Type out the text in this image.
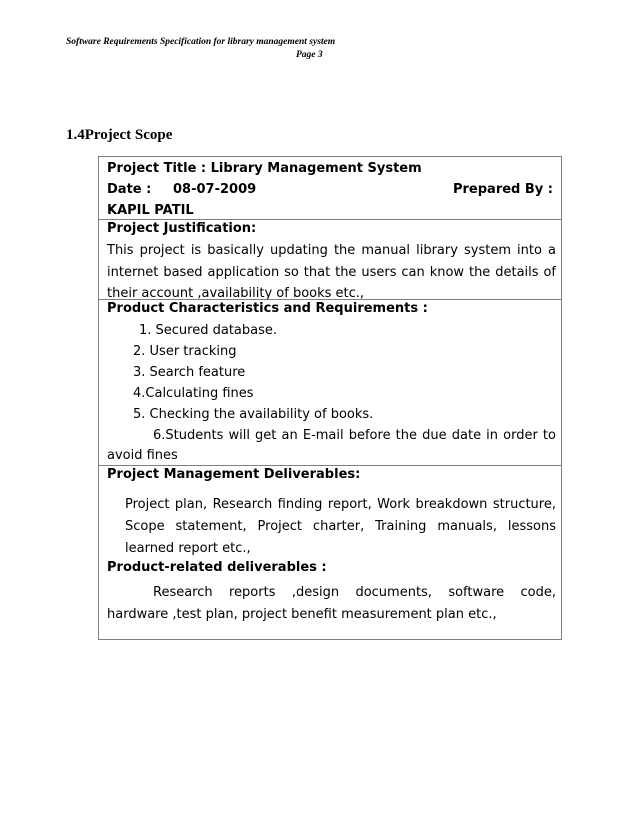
Software Requirements Specification for library management system
Page 3
1.4Project Scope
Project Title : Library Management System
Date : 08-07-2009	Prepared By :
KAPIL PATIL
Project Justification:
This project is basically updating the manual library system into a internet based application so that the users can know the details of their account ,availability of books etc.,
Product Characteristics and Requirements :
1. Secured database.
2. User tracking
3. Search feature
4.Calculating fines
5. Checking the availability of books.
6.Students will get an E-mail before the due date in order to avoid fines
Project Management Deliverables:
Project plan, Research finding report, Work breakdown structure, Scope statement, Project charter, Training manuals, lessons learned report etc.,
Product-related deliverables :
Research reports ,design documents, software code, hardware ,test plan, project benefit measurement plan etc.,
